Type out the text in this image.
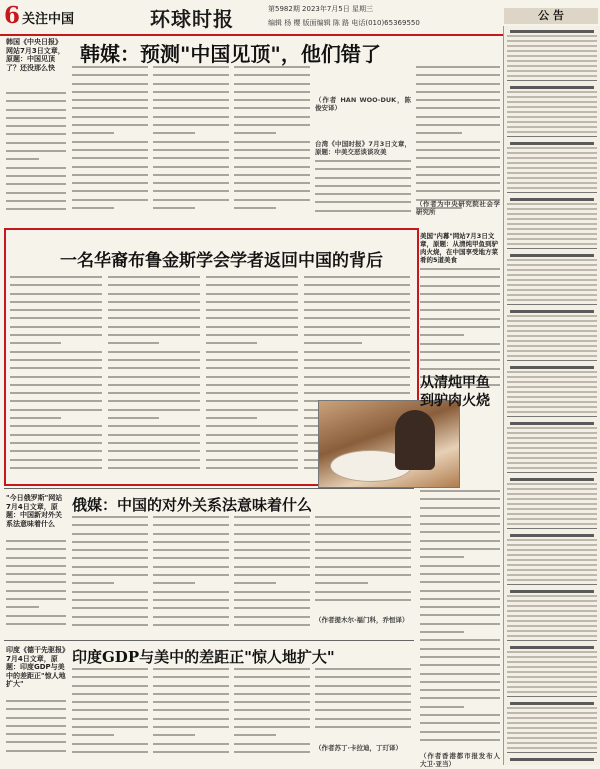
6 关注中国	环球时报	第5982期 2023年7月5日 星期三
编辑 杨 樱 版面编辑 陈 路 电话(010)65369550
公 告
韩国《中央日报》网站7月3日文章，原题：中国见顶了？还没那么快
韩媒：预测"中国见顶"，他们错了
（作者 HAN WOO-DUK，陈俊安译）
台湾《中国时报》7月3日文章，原题：中美交恶谈谈攻美
（作者为中央研究院社会学研究所
一名华裔布鲁金斯学会学者返回中国的背后
美国"内幕"网站7月3日文章，原题：从清炖甲鱼到驴肉火烧，在中国享受地方菜肴的5道美食
从清炖甲鱼
到驴肉火烧
（作者香港都市报发布人 大卫·亚当）
"今日俄罗斯"网站7月4日文章，原题：中国新对外关系法意味着什么
俄媒：中国的对外关系法意味着什么
（作者提木尔·福门科，乔恒译）
印度《德干先驱报》7月4日文章，原题：印度GDP与美中的差距正"惊人地扩大"
印度GDP与美中的差距正"惊人地扩大"
（作者苏丁·卡拉迪，丁玎译）
